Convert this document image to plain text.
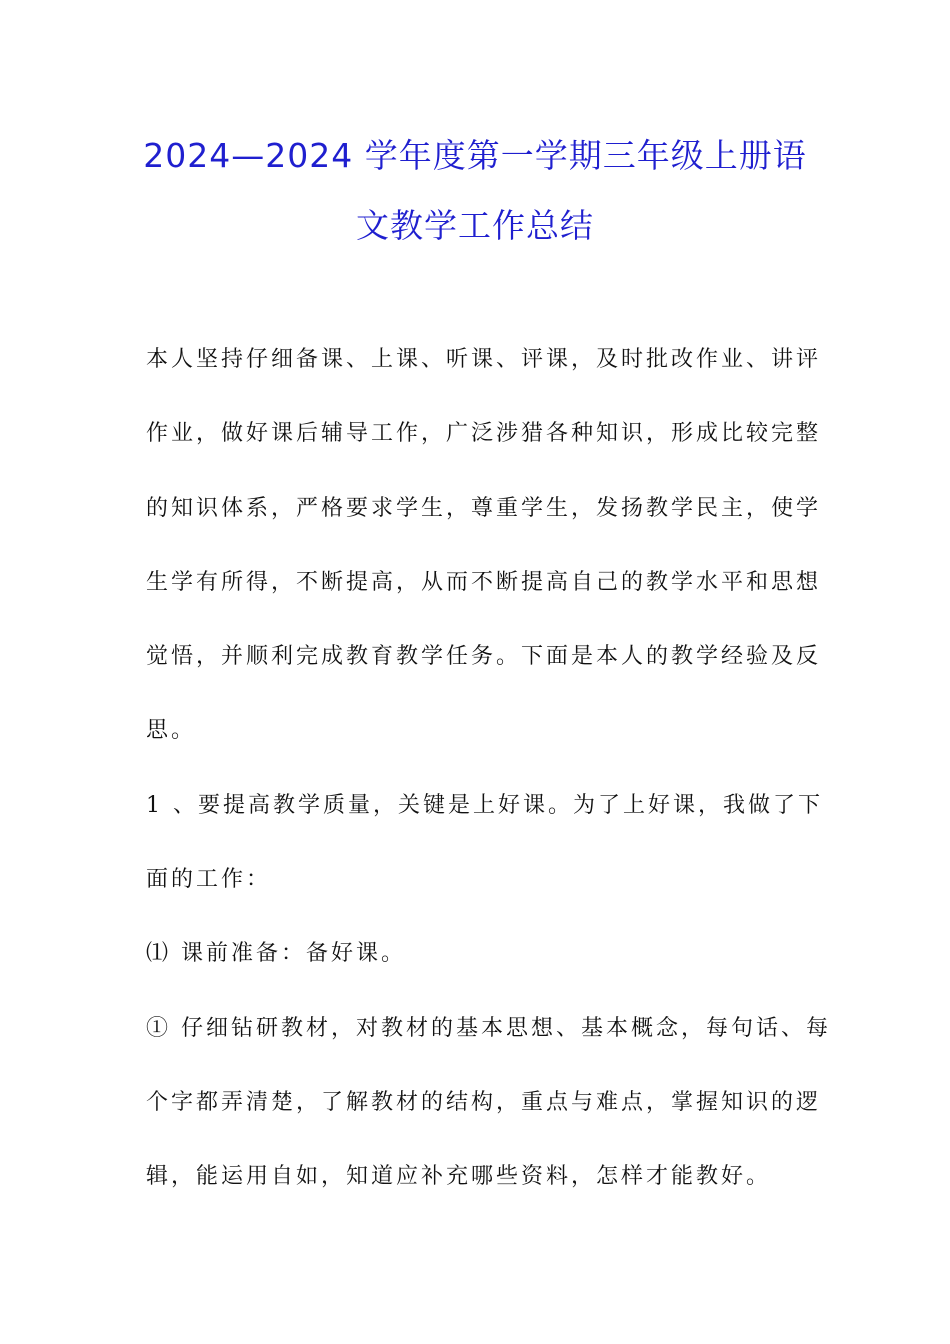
2024—2024 学年度第一学期三年级上册语
文教学工作总结
本人坚持仔细备课、上课、听课、评课，及时批改作业、讲评
作业，做好课后辅导工作，广泛涉猎各种知识，形成比较完整
的知识体系，严格要求学生，尊重学生，发扬教学民主，使学
生学有所得，不断提高，从而不断提高自己的教学水平和思想
觉悟，并顺利完成教育教学任务。下面是本人的教学经验及反
思。
1 、要提高教学质量，关键是上好课。为了上好课，我做了下
面的工作：
⑴ 课前准备：备好课。
① 仔细钻研教材，对教材的基本思想、基本概念，每句话、每
个字都弄清楚，了解教材的结构，重点与难点，掌握知识的逻
辑，能运用自如，知道应补充哪些资料，怎样才能教好。
